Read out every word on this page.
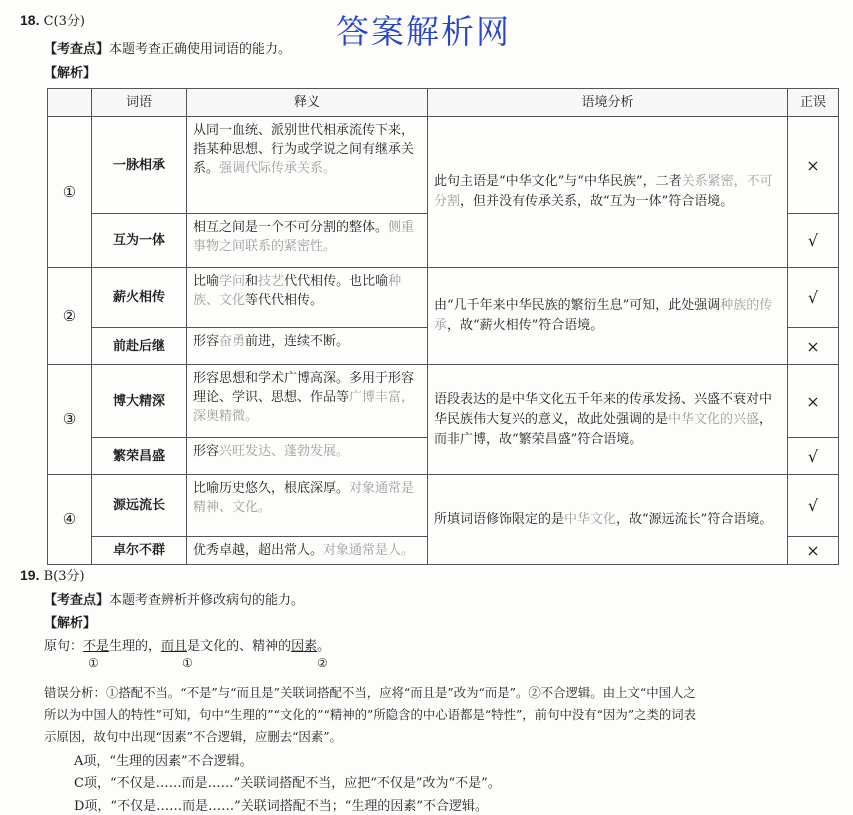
18. C(3分)	答案解析网
【考查点】本题考查正确使用词语的能力。
【解析】
	词语	释义	语境分析	正误
①	一脉相承	从同一血统、派别世代相承流传下来，指某种思想、行为或学说之间有继承关系。强调代际传承关系。	此句主语是“中华文化”与“中华民族”，二者关系紧密，不可分割，但并没有传承关系，故“互为一体”符合语境。	×
	互为一体	相互之间是一个不可分割的整体。侧重事物之间联系的紧密性。		√
②	薪火相传	比喻学问和技艺代代相传。也比喻种族、文化等代代相传。	由“几千年来中华民族的繁衍生息”可知，此处强调种族的传承，故“薪火相传”符合语境。	√
	前赴后继	形容奋勇前进，连续不断。		×
③	博大精深	形容思想和学术广博高深。多用于形容理论、学识、思想、作品等广博丰富，深奥精微。	语段表达的是中华文化五千年来的传承发扬、兴盛不衰对中华民族伟大复兴的意义，故此处强调的是中华文化的兴盛，而非广博，故“繁荣昌盛”符合语境。	×
	繁荣昌盛	形容兴旺发达、蓬勃发展。		√
④	源远流长	比喻历史悠久，根底深厚。对象通常是精神、文化。	所填词语修饰限定的是中华文化，故“源远流长”符合语境。	√
	卓尔不群	优秀卓越，超出常人。对象通常是人。		×
19. B(3分)
【考查点】本题考查辨析并修改病句的能力。
【解析】
原句：不是生理的，而且是文化的、精神的因素。
①	①	②
错误分析：①搭配不当。“不是”与“而且是”关联词搭配不当，应将“而且是”改为“而是”。②不合逻辑。由上文“中国人之
所以为中国人的特性”可知，句中“生理的”“文化的”“精神的”所隐含的中心语都是“特性”，前句中没有“因为”之类的词表
示原因，故句中出现“因素”不合逻辑，应删去“因素”。
A项，“生理的因素”不合逻辑。
C项，“不仅是……而是……”关联词搭配不当，应把“不仅是”改为“不是”。
D项，“不仅是……而是……”关联词搭配不当；“生理的因素”不合逻辑。
